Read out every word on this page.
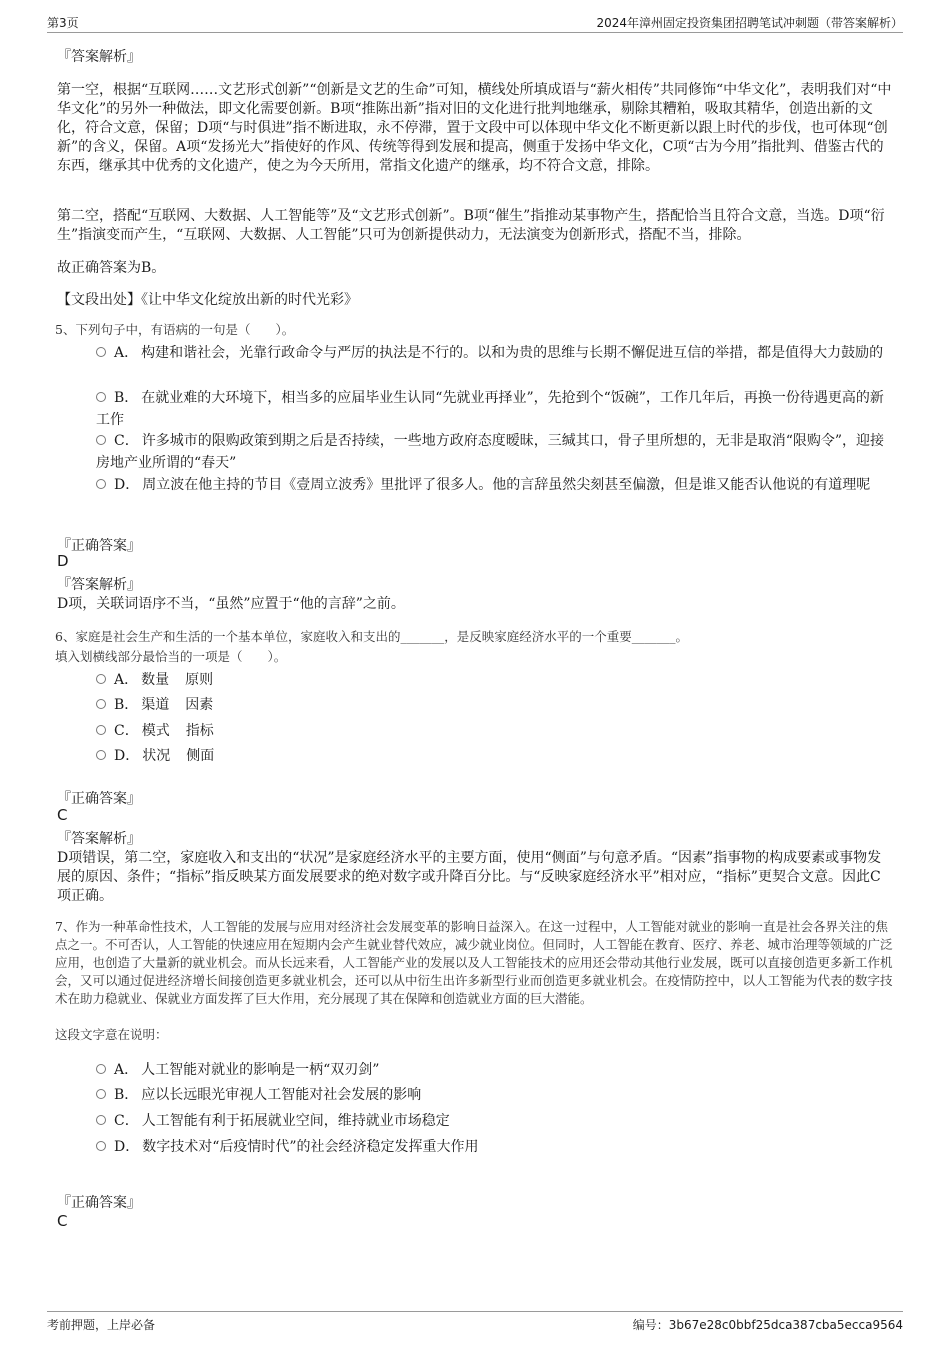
第3页	2024年漳州固定投资集团招聘笔试冲刺题（带答案解析）

『答案解析』

第一空，根据“互联网……文艺形式创新”“创新是文艺的生命”可知，横线处所填成语与“薪火相传”共同修饰“中华文化”，表明我们对“中华文化”的另外一种做法，即文化需要创新。B项“推陈出新”指对旧的文化进行批判地继承，剔除其糟粕，吸取其精华，创造出新的文化，符合文意，保留；D项“与时俱进”指不断进取，永不停滞，置于文段中可以体现中华文化不断更新以跟上时代的步伐，也可体现“创新”的含义，保留。A项“发扬光大”指使好的作风、传统等得到发展和提高，侧重于发扬中华文化，C项“古为今用”指批判、借鉴古代的东西，继承其中优秀的文化遗产，使之为今天所用，常指文化遗产的继承，均不符合文意，排除。

第二空，搭配“互联网、大数据、人工智能等”及“文艺形式创新”。B项“催生”指推动某事物产生，搭配恰当且符合文意，当选。D项“衍生”指演变而产生，“互联网、大数据、人工智能”只可为创新提供动力，无法演变为创新形式，搭配不当，排除。

故正确答案为B。

【文段出处】《让中华文化绽放出新的时代光彩》

5、下列句子中，有语病的一句是（　　）。

A． 构建和谐社会，光靠行政命令与严厉的执法是不行的。以和为贵的思维与长期不懈促进互信的举措，都是值得大力鼓励的
B． 在就业难的大环境下，相当多的应届毕业生认同“先就业再择业”，先抢到个“饭碗”，工作几年后，再换一份待遇更高的新工作
C． 许多城市的限购政策到期之后是否持续，一些地方政府态度暧昧，三缄其口，骨子里所想的，无非是取消“限购令”，迎接房地产业所谓的“春天”
D． 周立波在他主持的节目《壹周立波秀》里批评了很多人。他的言辞虽然尖刻甚至偏激，但是谁又能否认他说的有道理呢

『正确答案』

D

『答案解析』

D项，关联词语序不当，“虽然”应置于“他的言辞”之前。

6、家庭是社会生产和生活的一个基本单位，家庭收入和支出的_______，是反映家庭经济水平的一个重要_______。

填入划横线部分最恰当的一项是（　　）。

A． 数量 原则
B． 渠道 因素
C． 模式 指标
D． 状况 侧面

『正确答案』

C

『答案解析』

D项错误，第二空，家庭收入和支出的“状况”是家庭经济水平的主要方面，使用“侧面”与句意矛盾。“因素”指事物的构成要素或事物发展的原因、条件；“指标”指反映某方面发展要求的绝对数字或升降百分比。与“反映家庭经济水平”相对应，“指标”更契合文意。因此C项正确。

7、作为一种革命性技术，人工智能的发展与应用对经济社会发展变革的影响日益深入。在这一过程中，人工智能对就业的影响一直是社会各界关注的焦点之一。不可否认，人工智能的快速应用在短期内会产生就业替代效应，减少就业岗位。但同时，人工智能在教育、医疗、养老、城市治理等领域的广泛应用，也创造了大量新的就业机会。而从长远来看，人工智能产业的发展以及人工智能技术的应用还会带动其他行业发展，既可以直接创造更多新工作机会，又可以通过促进经济增长间接创造更多就业机会，还可以从中衍生出许多新型行业而创造更多就业机会。在疫情防控中，以人工智能为代表的数字技术在助力稳就业、保就业方面发挥了巨大作用，充分展现了其在保障和创造就业方面的巨大潜能。

这段文字意在说明：

A． 人工智能对就业的影响是一柄“双刃剑”
B． 应以长远眼光审视人工智能对社会发展的影响
C． 人工智能有利于拓展就业空间，维持就业市场稳定
D． 数字技术对“后疫情时代”的社会经济稳定发挥重大作用

『正确答案』

C

考前押题，上岸必备	编号：3b67e28c0bbf25dca387cba5ecca9564
